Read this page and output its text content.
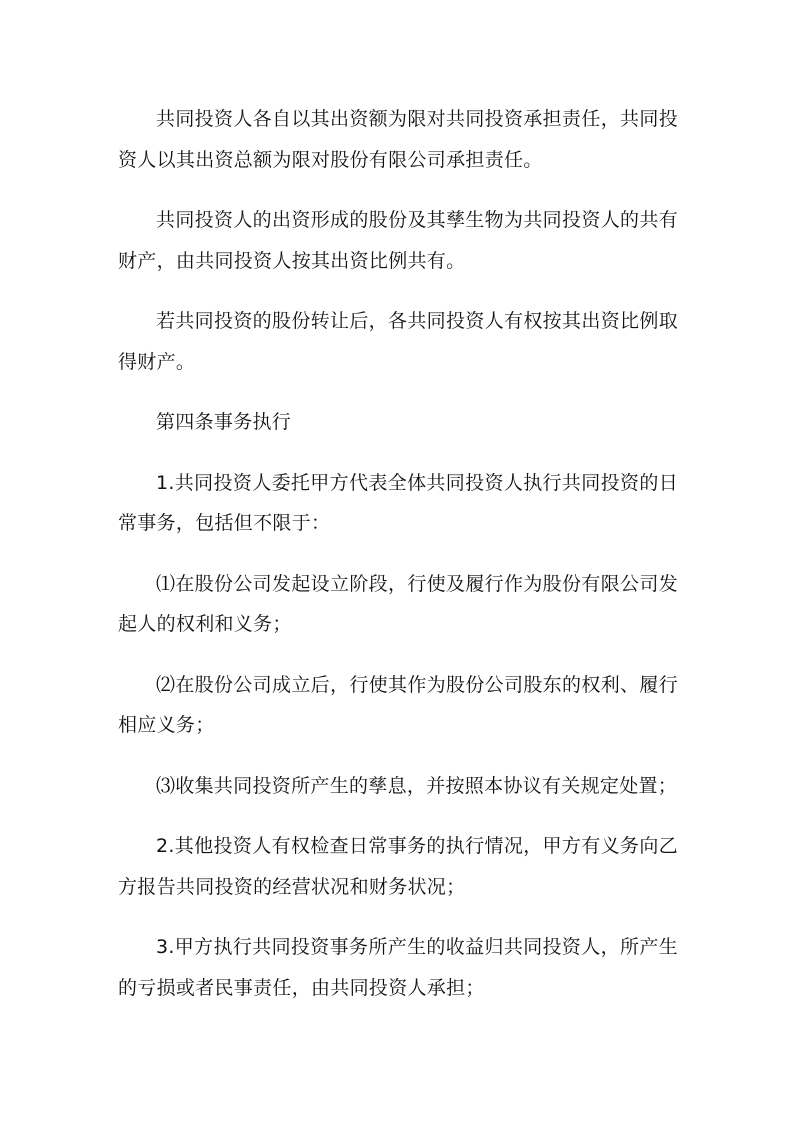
共同投资人各自以其出资额为限对共同投资承担责任，共同投资人以其出资总额为限对股份有限公司承担责任。

共同投资人的出资形成的股份及其孳生物为共同投资人的共有财产，由共同投资人按其出资比例共有。

若共同投资的股份转让后，各共同投资人有权按其出资比例取得财产。

第四条事务执行

1.共同投资人委托甲方代表全体共同投资人执行共同投资的日常事务，包括但不限于：

⑴在股份公司发起设立阶段，行使及履行作为股份有限公司发起人的权利和义务；

⑵在股份公司成立后，行使其作为股份公司股东的权利、履行相应义务；

⑶收集共同投资所产生的孳息，并按照本协议有关规定处置；

2.其他投资人有权检查日常事务的执行情况，甲方有义务向乙方报告共同投资的经营状况和财务状况；

3.甲方执行共同投资事务所产生的收益归共同投资人，所产生的亏损或者民事责任，由共同投资人承担；
